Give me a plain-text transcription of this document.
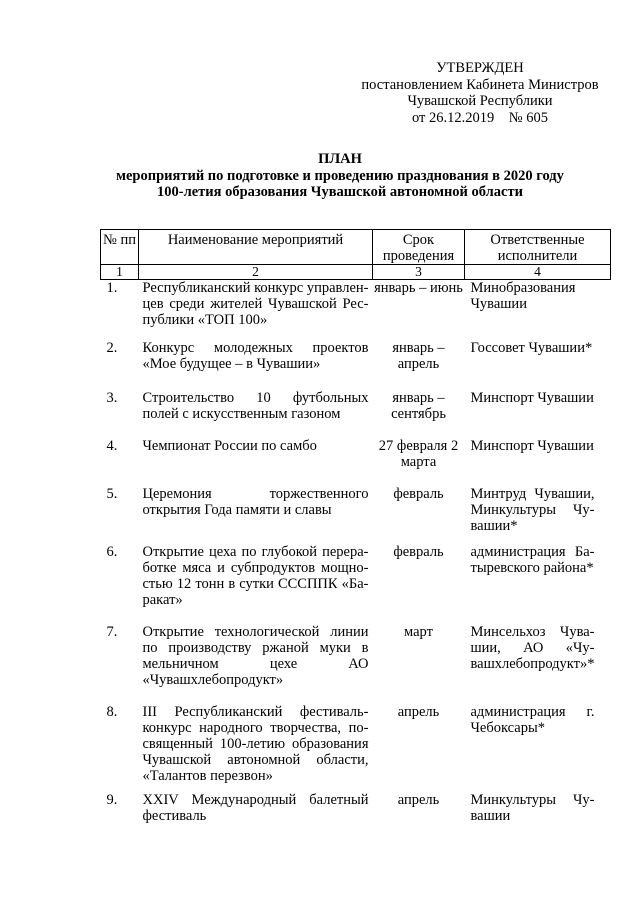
УТВЕРЖДЕН
постановлением Кабинета Министров
Чувашской Республики
от 26.12.2019    № 605
ПЛАН
мероприятий по подготовке и проведению празднования в 2020 году
100-летия образования Чувашской автономной области
№ пп	Наименование мероприятий	Срок проведения	Ответственные исполнители
1	2	3	4
1.	Республиканский конкурс управленцев среди жителей Чувашской Республики «ТОП 100»	январь – июнь	Минобразования Чувашии
2.	Конкурс молодежных проектов «Мое будущее – в Чувашии»	январь – апрель	Госсовет Чувашии*
3.	Строительство 10 футбольных полей с искусственным газоном	январь – сентябрь	Минспорт Чувашии
4.	Чемпионат России по самбо	27 февраля 2 марта	Минспорт Чувашии
5.	Церемония торжественного открытия Года памяти и славы	февраль	Минтруд Чувашии, Минкультуры Чувашии*
6.	Открытие цеха по глубокой переработке мяса и субпродуктов мощностью 12 тонн в сутки СССППК «Баракат»	февраль	администрация Батыревского района*
7.	Открытие технологической линии по производству ржаной муки в мельничном цехе АО «Чувашхлебопродукт»	март	Минсельхоз Чувашии, АО «Чувашхлебопродукт»*
8.	III Республиканский фестиваль-конкурс народного творчества, посвященный 100-летию образования Чувашской автономной области, «Талантов перезвон»	апрель	администрация г. Чебоксары*
9.	XXIV Международный балетный фестиваль	апрель	Минкультуры Чувашии
